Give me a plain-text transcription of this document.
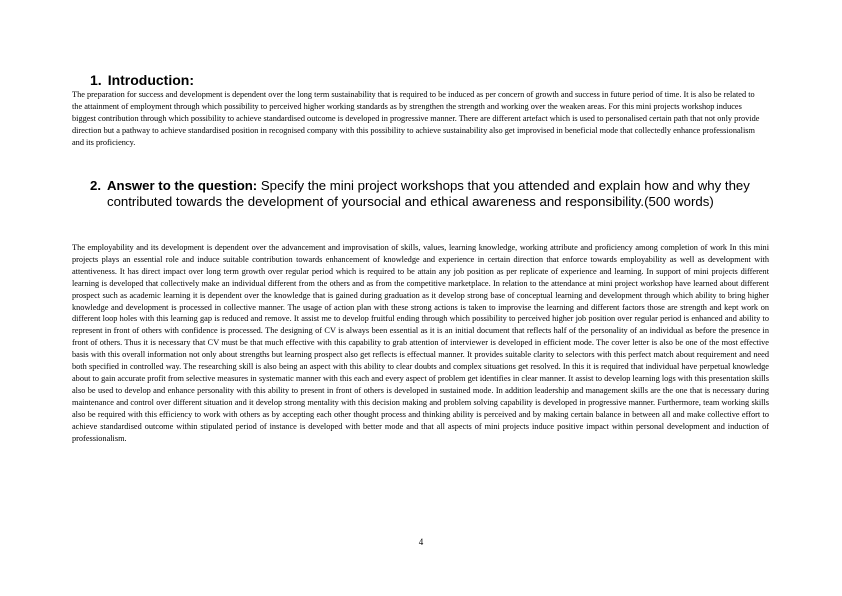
1. Introduction:

The preparation for success and development is dependent over the long term sustainability that is required to be induced as per concern of growth and success in future period of time. It is also be related to the attainment of employment through which possibility to perceived higher working standards as by strengthen the strength and working over the weaken areas. For this mini projects workshop induces biggest contribution through which possibility to achieve standardised outcome is developed in progressive manner. There are different artefact which is used to personalised certain path that not only provide direction but a pathway to achieve standardised position in recognised company with this possibility to achieve sustainability also get improvised in beneficial mode that collectedly enhance professionalism and its proficiency.

2. Answer to the question: Specify the mini project workshops that you attended and explain how and why they contributed towards the development of yoursocial and ethical awareness and responsibility.(500 words)

The employability and its development is dependent over the advancement and improvisation of skills, values, learning knowledge, working attribute and proficiency among completion of work In this mini projects plays an essential role and induce suitable contribution towards enhancement of knowledge and experience in certain direction that enforce towards employability as well as development with attentiveness. It has direct impact over long term growth over regular period which is required to be attain any job position as per replicate of experience and learning. In support of mini projects different learning is developed that collectively make an individual different from the others and as from the competitive marketplace. In relation to the attendance at mini project workshop have learned about different prospect such as academic learning it is dependent over the knowledge that is gained during graduation as it develop strong base of conceptual learning and development through which ability to bring higher knowledge and development is processed in collective manner. The usage of action plan with these strong actions is taken to improvise the learning and different factors those are strength and kept work on different loop holes with this learning gap is reduced and remove. It assist me to develop fruitful ending through which possibility to perceived higher job position over regular period is enhanced and ability to represent in front of others with confidence is processed. The designing of CV is always been essential as it is an initial document that reflects half of the personality of an individual as before the presence in front of others. Thus it is necessary that CV must be that much effective with this capability to grab attention of interviewer is developed in efficient mode. The cover letter is also be one of the most effective basis with this overall information not only about strengths but learning prospect also get reflects is effectual manner. It provides suitable clarity to selectors with this perfect match about requirement and need both specified in controlled way. The researching skill is also being an aspect with this ability to clear doubts and complex situations get resolved. In this it is required that individual have perpetual knowledge about to gain accurate profit from selective measures in systematic manner with this each and every aspect of problem get identifies in clear manner. It assist to develop learning logs with this presentation skills also be used to develop and enhance personality with this ability to present in front of others is developed in sustained mode. In addition leadership and management skills are the one that is necessary during maintenance and control over different situation and it develop strong mentality with this decision making and problem solving capability is developed in progressive manner. Furthermore, team working skills also be required with this efficiency to work with others as by accepting each other thought process and thinking ability is perceived and by making certain balance in between all and make collective effort to achieve standardised outcome within stipulated period of instance is developed with better mode and that all aspects of mini projects induce positive impact within personal development and induction of professionalism.

4
